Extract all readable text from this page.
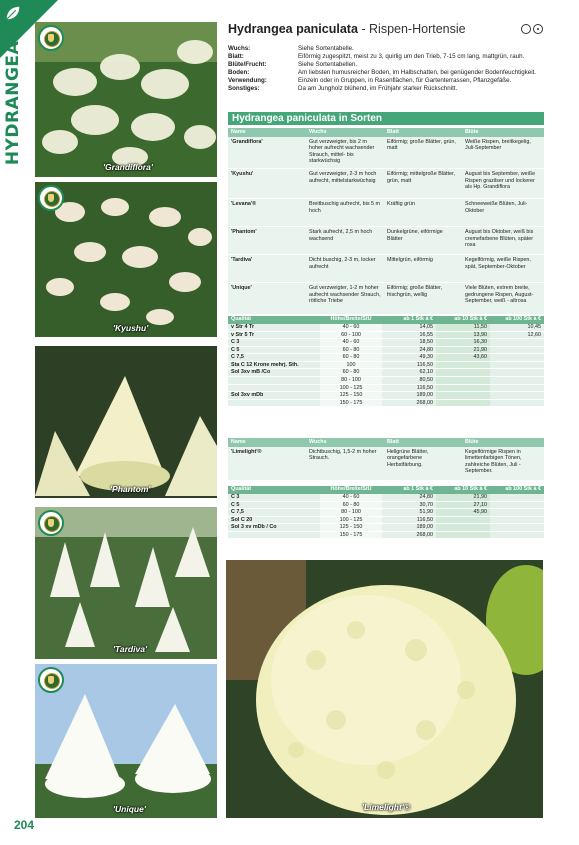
HYDRANGEA
'Grandiflora'
'Kyushu'
'Phantom'
'Tardiva'
'Unique'
Hydrangea paniculata - Rispen-Hortensie
Wuchs:	Siehe Sortentabelle.
Blatt:	Eiförmig zugespitzt, meist zu 3, quirlig um den Trieb, 7-15 cm lang, mattgrün, rauh.
Blüte/Frucht:	Siehe Sortentabellen.
Boden:	Am liebsten humusreicher Boden, im Halbschatten, bei genügender Bodenfeuchtigkeit.
Verwendung:	Einzeln oder in Gruppen, in Rasenflächen, für Gartenterrassen, Pflanzgefäße.
Sonstiges:	Da am Jungholz blühend, im Frühjahr starker Rückschnitt.
Hydrangea paniculata in Sorten
Name	Wuchs	Blatt	Blüte
'Grandiflora'	Gut verzweigter, bis 2 m hoher aufrecht wachsender Strauch, mittel- bis starkwüchsig	Eiförmig; große Blätter, grün, matt	Weiße Rispen, breitkegelig, Juli-September
'Kyushu'	Gut verzweigter, 2-3 m hoch aufrecht, mittelstarkwüchsig	Eiförmig; mittelgroße Blätter, grün, matt	August bis September, weiße Rispen grazilser und lockerer als Hp. Grandiflora
'Levana'®	Breitbuschig aufrecht, bis 5 m hoch	Kräftig grün	Schneeweiße Blüten, Juli-Oktober
'Phantom'	Stark aufrecht, 2,5 m hoch wachsend	Dunkelgrüne, eiförmige Blätter	August bis Oktober, weiß bis cremefarbene Blüten, später rosa
'Tardiva'	Dicht buschig, 2-3 m, locker aufrecht	Mittelgrün, eiförmig	Kegelförmig, weiße Rispen, spät, September-Oktober
'Unique'	Gut verzweigter, 1-2 m hoher aufrecht wachsender Strauch, rötliche Triebe	Eiförmig; große Blätter, frischgrün, wellig	Viele Blüten, extrem breite, gedrungene Rispen, August-September, weiß - altrosa
Qualität	Höhe/Breite/StU	ab 1 Stk à €	ab 10 Stk à €	ab 100 Stk à €
v Str 4 Tr	40 - 60	14,05	11,50	10,45
v Str 5 Tr	60 - 100	16,55	13,90	12,60
C 3	40 - 60	18,50	16,30	
C 5	60 - 80	24,80	21,90	
C 7,5	60 - 80	49,30	43,60	
Sta C 12 Krone mehrj. Sth.	100	116,50		
Sol 3xv mB /Co	60 - 80	62,10		
	80 - 100	80,50		
	100 - 125	116,50		
Sol 3xv mDb	125 - 150	189,00		
	150 - 175	268,00		
Name	Wuchs	Blatt	Blüte
'Limelight'®	Dichtbuschig, 1,5-2 m hoher Strauch.	Hellgrüne Blätter, orangefarbene Herbstfärbung.	Kegelförmige Rispen in limettenfarbigen Tönen, zahlreiche Blüten, Juli - September.
Qualität	Höhe/Breite/StU	ab 1 Stk à €	ab 10 Stk à €	ab 100 Stk à €
C 3	40 - 60	24,80	21,90	
C 5	60 - 80	30,70	27,10	
C 7,5	80 - 100	51,90	45,90	
Sol C 20	100 - 125	116,50		
Sol 3 xv mDb / Co	125 - 150	189,00		
	150 - 175	268,00		
'Limelight'®
204
